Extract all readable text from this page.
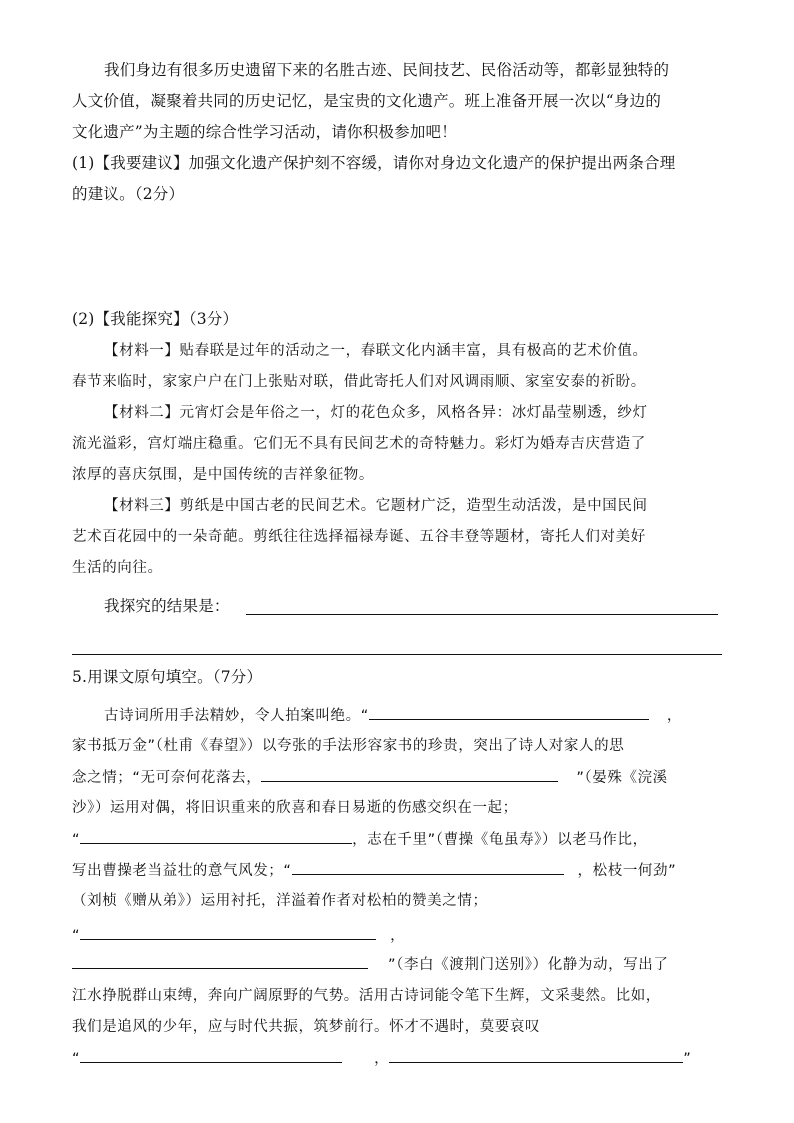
我们身边有很多历史遗留下来的名胜古迹、民间技艺、民俗活动等，都彰显独特的
人文价值，凝聚着共同的历史记忆，是宝贵的文化遗产。班上准备开展一次以“身边的
文化遗产”为主题的综合性学习活动，请你积极参加吧！
(1)【我要建议】加强文化遗产保护刻不容缓，请你对身边文化遗产的保护提出两条合理
的建议。（2分）
(2)【我能探究】（3分）
【材料一】贴春联是过年的活动之一，春联文化内涵丰富，具有极高的艺术价值。
春节来临时，家家户户在门上张贴对联，借此寄托人们对风调雨顺、家室安泰的祈盼。
【材料二】元宵灯会是年俗之一，灯的花色众多，风格各异：冰灯晶莹剔透，纱灯
流光溢彩，宫灯端庄稳重。它们无不具有民间艺术的奇特魅力。彩灯为婚寿吉庆营造了
浓厚的喜庆氛围，是中国传统的吉祥象征物。
【材料三】剪纸是中国古老的民间艺术。它题材广泛，造型生动活泼，是中国民间
艺术百花园中的一朵奇葩。剪纸往往选择福禄寿诞、五谷丰登等题材，寄托人们对美好
生活的向往。
我探究的结果是：
5.用课文原句填空。（7分）
古诗词所用手法精妙，令人拍案叫绝。“	，
家书抵万金”（杜甫《春望》）以夸张的手法形容家书的珍贵，突出了诗人对家人的思
念之情；“无可奈何花落去，	”（晏殊《浣溪
沙》）运用对偶，将旧识重来的欣喜和春日易逝的伤感交织在一起；
“	，志在千里”（曹操《龟虽寿》）以老马作比，
写出曹操老当益壮的意气风发；“	，松枝一何劲”
（刘桢《赠从弟》）运用衬托，洋溢着作者对松柏的赞美之情；
“	，
”（李白《渡荆门送别》）化静为动，写出了
江水挣脱群山束缚，奔向广阔原野的气势。活用古诗词能令笔下生辉，文采斐然。比如，
我们是追风的少年，应与时代共振，筑梦前行。怀才不遇时，莫要哀叹
“	，	”
